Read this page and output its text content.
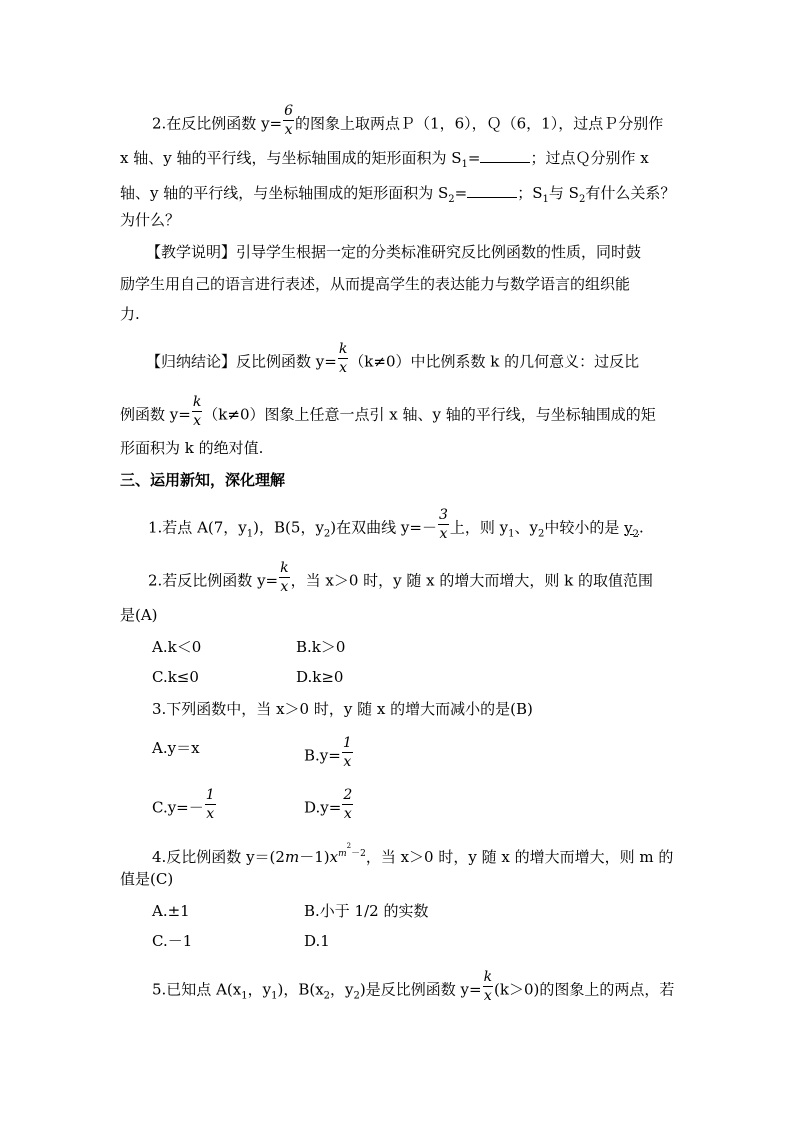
2.在反比例函数 $y= \frac{6}{x}$ 的图象上取两点Ｐ（1，6），Ｑ（6，1），过点Ｐ分别作
x 轴、y 轴的平行线，与坐标轴围成的矩形面积为 $S_1=$	；过点Ｑ分别作 x
轴、y 轴的平行线，与坐标轴围成的矩形面积为 $S_2=$	；$S_1$与 $S_2$有什么关系？
为什么？
【教学说明】引导学生根据一定的分类标准研究反比例函数的性质，同时鼓
励学生用自己的语言进行表述，从而提高学生的表达能力与数学语言的组织能
力.
【归纳结论】反比例函数 $y= \frac{k}{x} (k\ne 0)$中比例系数 k 的几何意义：过反比
例函数 $y= \frac{k}{x} (k\ne 0)$图象上任意一点引 x 轴、y 轴的平行线，与坐标轴围成的矩
形面积为 k 的绝对值.
三、运用新知，深化理解
1.若点 A(7，$y_1$)，B(5，$y_2$)在双曲线 $y=- \frac{3}{x}$ 上，则 $y_1$、$y_2$中较小的是 $y_2$.
2.若反比例函数 $y= \frac{k}{x}$ ，当 x＞0 时，y 随 x 的增大而增大，则 k 的取值范围
是(A)
A.k＜0	B.k＞0
C.k≤0	D.k≥0
3.下列函数中，当 x＞0 时，y 随 x 的增大而减小的是(B)
A.y＝x	$B.y= \frac{1}{x}$
$C.y=- \frac{1}{x}$	$D.y= \frac{2}{x}$
4.反比例函数 $y=(2m-1)x^{m2-2}$，当 x＞0 时，y 随 x 的增大而增大，则 m 的
值是(C)
A.±1	B.小于 1/2 的实数
C.－1	D.1
5.已知点 $A(x_1$，$y_1$)，$B(x_2$，$y_2$)是反比例函数 $y= \frac{k}{x} (k>0)$的图象上的两点，若
